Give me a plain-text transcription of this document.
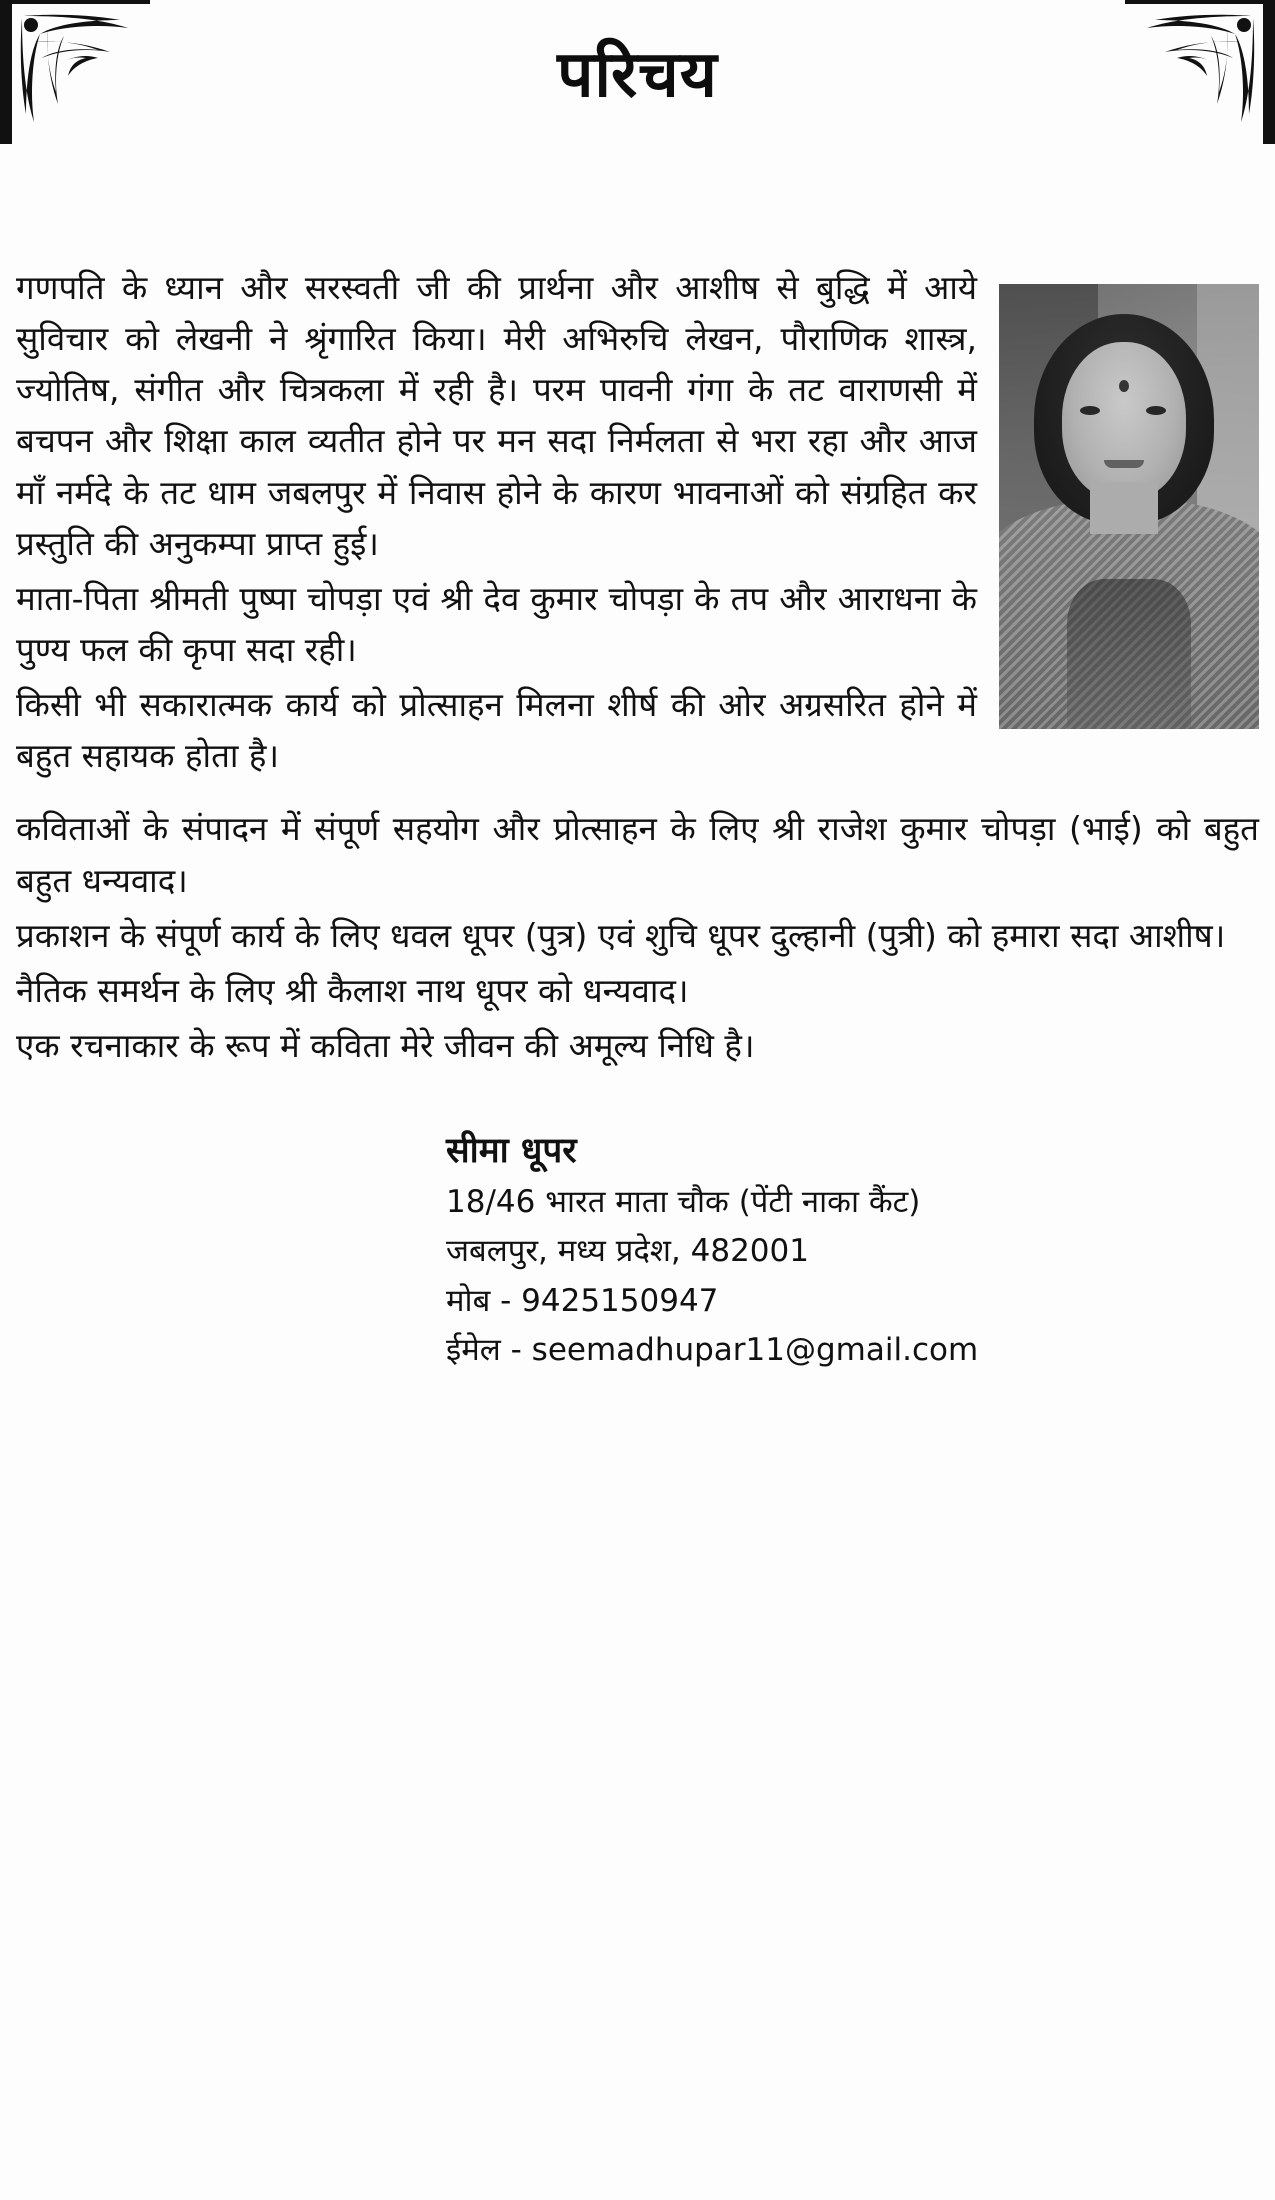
परिचय

गणपति के ध्यान और सरस्वती जी की प्रार्थना और आशीष से बुद्धि में आये सुविचार को लेखनी ने श्रृंगारित किया। मेरी अभिरुचि लेखन, पौराणिक शास्त्र, ज्योतिष, संगीत और चित्रकला में रही है। परम पावनी गंगा के तट वाराणसी में बचपन और शिक्षा काल व्यतीत होने पर मन सदा निर्मलता से भरा रहा और आज माँ नर्मदे के तट धाम जबलपुर में निवास होने के कारण भावनाओं को संग्रहित कर प्रस्तुति की अनुकम्पा प्राप्त हुई।

माता-पिता श्रीमती पुष्पा चोपड़ा एवं श्री देव कुमार चोपड़ा के तप और आराधना के पुण्य फल की कृपा सदा रही।

किसी भी सकारात्मक कार्य को प्रोत्साहन मिलना शीर्ष की ओर अग्रसरित होने में बहुत सहायक होता है।

कविताओं के संपादन में संपूर्ण सहयोग और प्रोत्साहन के लिए श्री राजेश कुमार चोपड़ा (भाई) को बहुत बहुत धन्यवाद।

प्रकाशन के संपूर्ण कार्य के लिए धवल धूपर (पुत्र) एवं शुचि धूपर दुल्हानी (पुत्री) को हमारा सदा आशीष।

नैतिक समर्थन के लिए श्री कैलाश नाथ धूपर को धन्यवाद।

एक रचनाकार के रूप में कविता मेरे जीवन की अमूल्य निधि है।

सीमा धूपर
18/46 भारत माता चौक (पेंटी नाका कैंट)
जबलपुर, मध्य प्रदेश, 482001
मोब - 9425150947
ईमेल - seemadhupar11@gmail.com
